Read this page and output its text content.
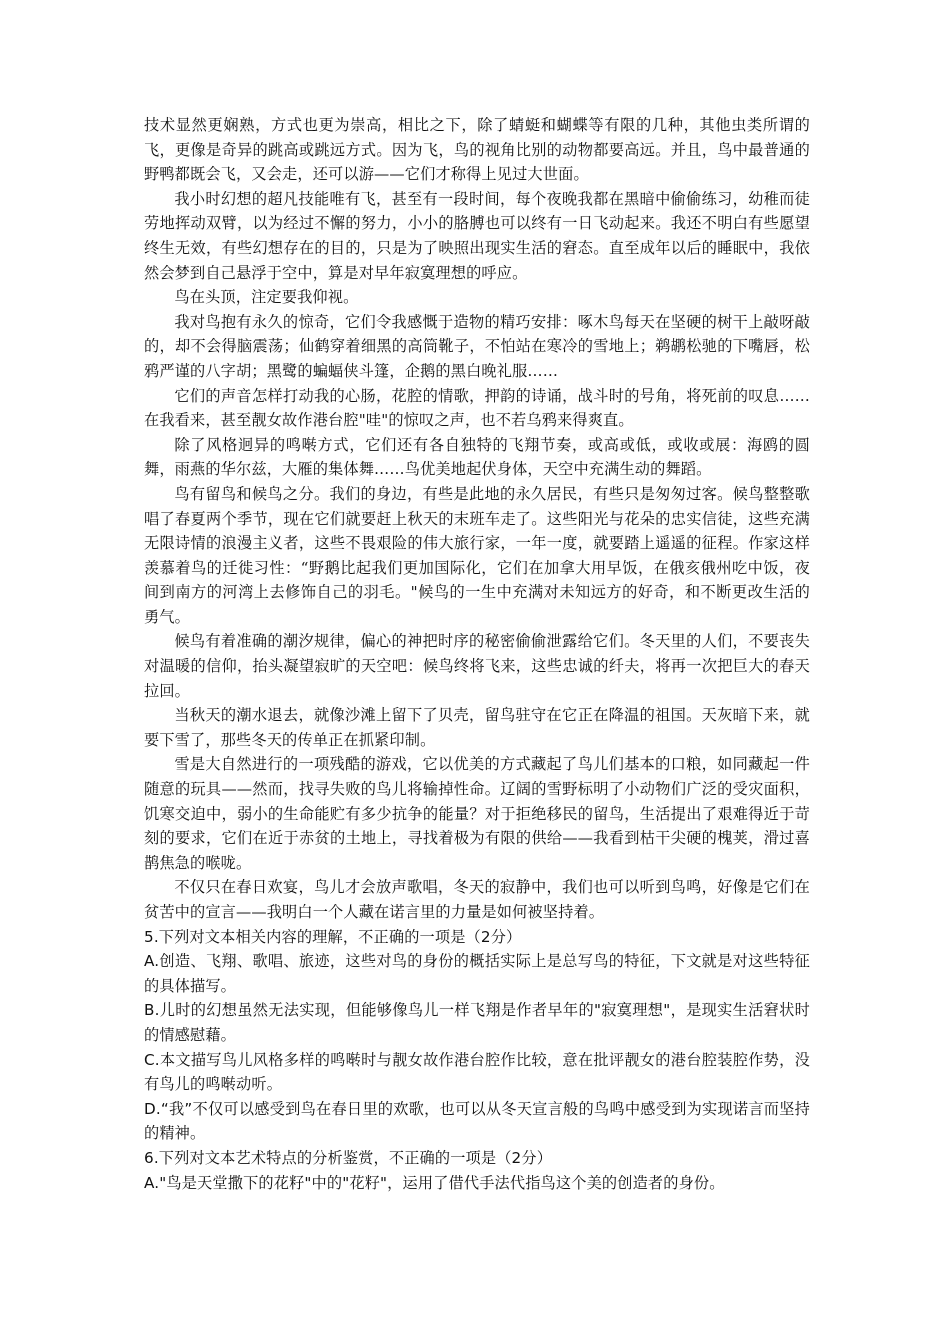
技术显然更娴熟，方式也更为崇高，相比之下，除了蜻蜓和蝴蝶等有限的几种，其他虫类所谓的飞，更像是奇异的跳高或跳远方式。因为飞，鸟的视角比别的动物都要高远。并且，鸟中最普通的野鸭都既会飞，又会走，还可以游——它们才称得上见过大世面。

我小时幻想的超凡技能唯有飞，甚至有一段时间，每个夜晚我都在黑暗中偷偷练习，幼稚而徒劳地挥动双臂，以为经过不懈的努力，小小的胳膊也可以终有一日飞动起来。我还不明白有些愿望终生无效，有些幻想存在的目的，只是为了映照出现实生活的窘态。直至成年以后的睡眠中，我依然会梦到自己悬浮于空中，算是对早年寂寞理想的呼应。

鸟在头顶，注定要我仰视。

我对鸟抱有永久的惊奇，它们令我感慨于造物的精巧安排：啄木鸟每天在坚硬的树干上敲呀敲的，却不会得脑震荡；仙鹤穿着细黑的高筒靴子，不怕站在寒冷的雪地上；鹈鹕松驰的下嘴唇，松鸦严谨的八字胡；黑鹭的蝙蝠侠斗篷，企鹅的黑白晚礼服……

它们的声音怎样打动我的心肠，花腔的情歌，押韵的诗诵，战斗时的号角，将死前的叹息……在我看来，甚至靓女故作港台腔"哇"的惊叹之声，也不若乌鸦来得爽直。

除了风格迥异的鸣啭方式，它们还有各自独特的飞翔节奏，或高或低，或收或展：海鸥的圆舞，雨燕的华尔兹，大雁的集体舞……鸟优美地起伏身体，天空中充满生动的舞蹈。

鸟有留鸟和候鸟之分。我们的身边，有些是此地的永久居民，有些只是匆匆过客。候鸟整整歌唱了春夏两个季节，现在它们就要赶上秋天的末班车走了。这些阳光与花朵的忠实信徒，这些充满无限诗情的浪漫主义者，这些不畏艰险的伟大旅行家，一年一度，就要踏上遥遥的征程。作家这样羡慕着鸟的迁徙习性：“野鹅比起我们更加国际化，它们在加拿大用早饭，在俄亥俄州吃中饭，夜间到南方的河湾上去修饰自己的羽毛。"候鸟的一生中充满对未知远方的好奇，和不断更改生活的勇气。

候鸟有着准确的潮汐规律，偏心的神把时序的秘密偷偷泄露给它们。冬天里的人们，不要丧失对温暖的信仰，抬头凝望寂旷的天空吧：候鸟终将飞来，这些忠诚的纤夫，将再一次把巨大的春天拉回。

当秋天的潮水退去，就像沙滩上留下了贝壳，留鸟驻守在它正在降温的祖国。天灰暗下来，就要下雪了，那些冬天的传单正在抓紧印制。

雪是大自然进行的一项残酷的游戏，它以优美的方式藏起了鸟儿们基本的口粮，如同藏起一件随意的玩具——然而，找寻失败的鸟儿将输掉性命。辽阔的雪野标明了小动物们广泛的受灾面积，饥寒交迫中，弱小的生命能贮有多少抗争的能量？对于拒绝移民的留鸟，生活提出了艰难得近于苛刻的要求，它们在近于赤贫的土地上，寻找着极为有限的供给——我看到枯干尖硬的槐荚，滑过喜鹊焦急的喉咙。

不仅只在春日欢宴，鸟儿才会放声歌唱，冬天的寂静中，我们也可以听到鸟鸣，好像是它们在贫苦中的宣言——我明白一个人藏在诺言里的力量是如何被坚持着。

5.下列对文本相关内容的理解，不正确的一项是（2分）

A.创造、飞翔、歌唱、旅迹，这些对鸟的身份的概括实际上是总写鸟的特征，下文就是对这些特征的具体描写。

B.儿时的幻想虽然无法实现，但能够像鸟儿一样飞翔是作者早年的"寂寞理想"，是现实生活窘状时的情感慰藉。

C.本文描写鸟儿风格多样的鸣啭时与靓女故作港台腔作比较，意在批评靓女的港台腔装腔作势，没有鸟儿的鸣啭动听。

D.“我”不仅可以感受到鸟在春日里的欢歌，也可以从冬天宣言般的鸟鸣中感受到为实现诺言而坚持的精神。

6.下列对文本艺术特点的分析鉴赏，不正确的一项是（2分）

A."鸟是天堂撒下的花籽"中的"花籽"，运用了借代手法代指鸟这个美的创造者的身份。
